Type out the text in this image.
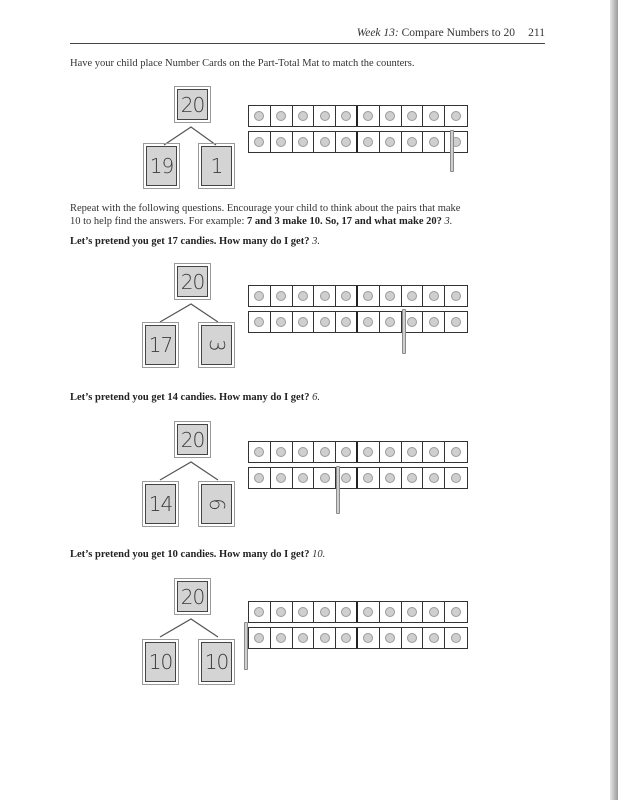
Week 13: Compare Numbers to 20 211
Have your child place Number Cards on the Part-Total Mat to match the counters.
20
19	1
Repeat with the following questions. Encourage your child to think about the pairs that make
10 to help find the answers. For example: 7 and 3 make 10. So, 17 and what make 20? 3.
Let’s pretend you get 17 candies. How many do I get? 3.
20
17 3
Let’s pretend you get 14 candies. How many do I get? 6.
20
14 6
Let’s pretend you get 10 candies. How many do I get? 10.
20
10 10
